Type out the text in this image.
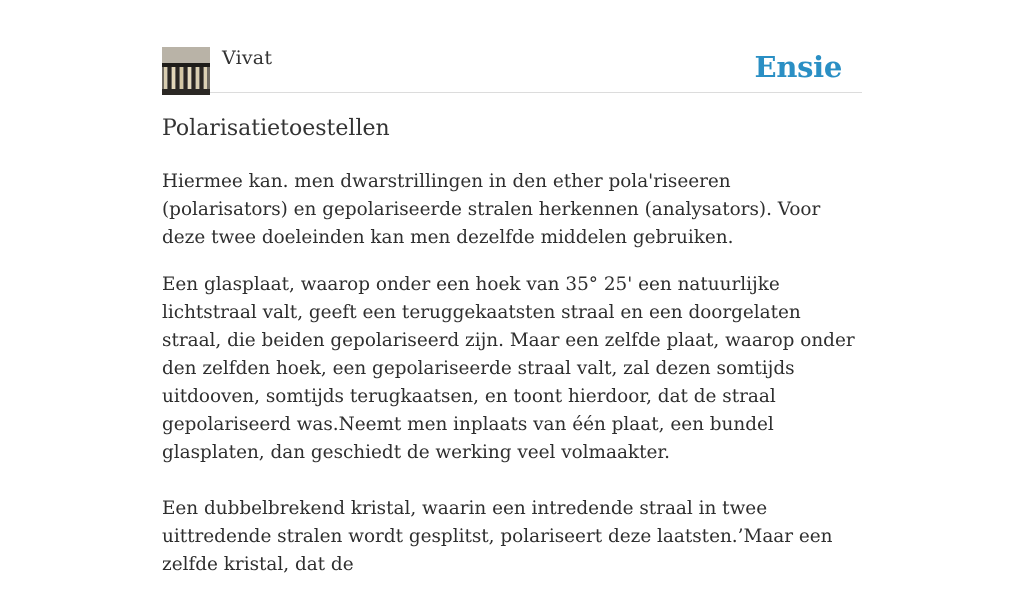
Vivat	Ensie
Polarisatietoestellen

Hiermee kan. men dwarstrillingen in den ether pola'riseeren (polarisators) en gepolariseerde stralen herkennen (analysators). Voor deze twee doeleinden kan men dezelfde middelen gebruiken.

Een glasplaat, waarop onder een hoek van 35° 25' een natuurlijke lichtstraal valt, geeft een teruggekaatsten straal en een doorgelaten straal, die beiden gepolariseerd zijn. Maar een zelfde plaat, waarop onder den zelfden hoek, een gepolariseerde straal valt, zal dezen somtijds uitdooven, somtijds terugkaatsen, en toont hierdoor, dat de straal gepolariseerd was.Neemt men inplaats van één plaat, een bundel glasplaten, dan geschiedt de werking veel volmaakter.

Een dubbelbrekend kristal, waarin een intredende straal in twee uittredende stralen wordt gesplitst, polariseert deze laatsten.’Maar een zelfde kristal, dat de
